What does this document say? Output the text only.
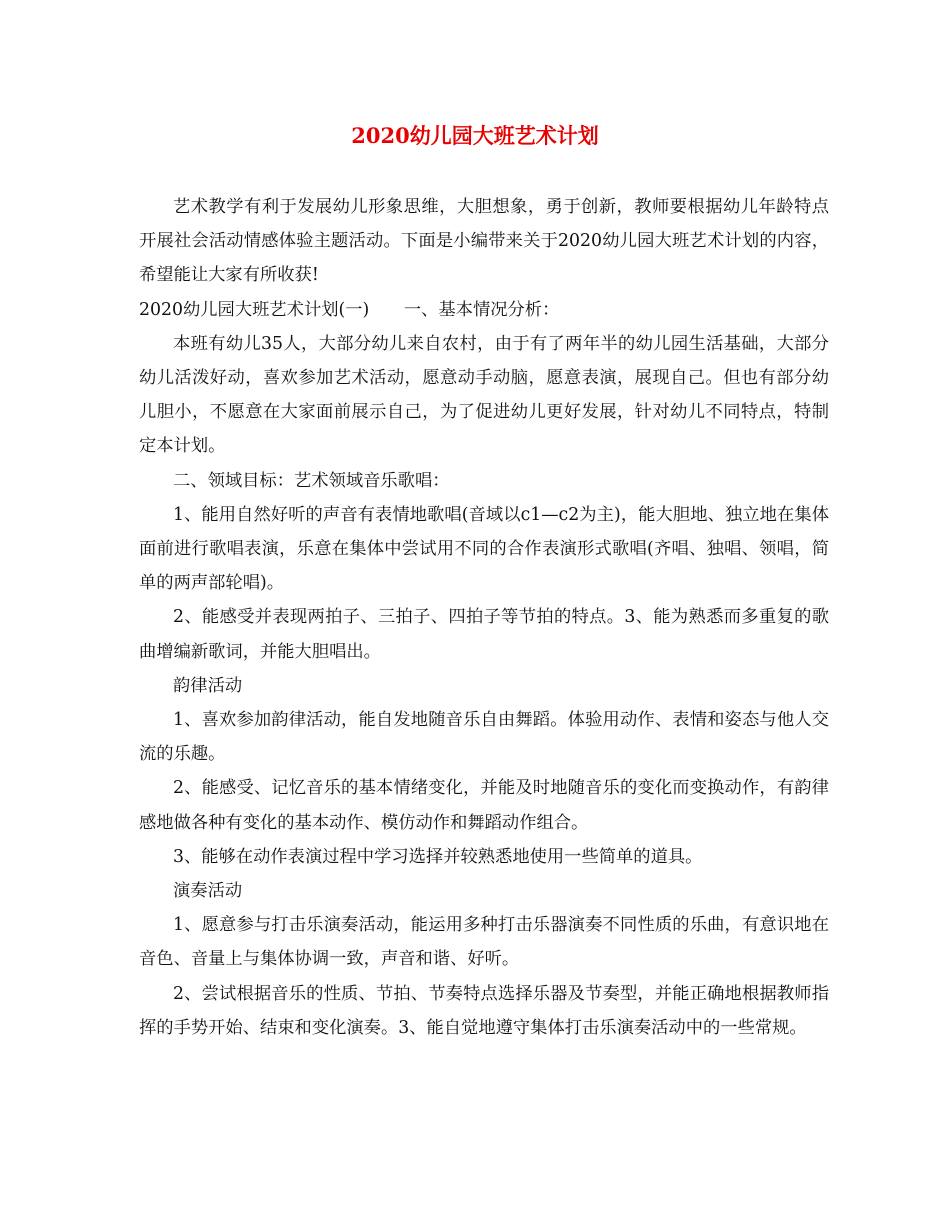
2020幼儿园大班艺术计划

艺术教学有利于发展幼儿形象思维，大胆想象，勇于创新，教师要根据幼儿年龄特点开展社会活动情感体验主题活动。下面是小编带来关于2020幼儿园大班艺术计划的内容，希望能让大家有所收获!

2020幼儿园大班艺术计划(一)　　一、基本情况分析：

本班有幼儿35人，大部分幼儿来自农村，由于有了两年半的幼儿园生活基础，大部分幼儿活泼好动，喜欢参加艺术活动，愿意动手动脑，愿意表演，展现自己。但也有部分幼儿胆小，不愿意在大家面前展示自己，为了促进幼儿更好发展，针对幼儿不同特点，特制定本计划。

二、领域目标：艺术领域音乐歌唱：

1、能用自然好听的声音有表情地歌唱(音域以c1—c2为主)，能大胆地、独立地在集体面前进行歌唱表演，乐意在集体中尝试用不同的合作表演形式歌唱(齐唱、独唱、领唱，简单的两声部轮唱)。

2、能感受并表现两拍子、三拍子、四拍子等节拍的特点。3、能为熟悉而多重复的歌曲增编新歌词，并能大胆唱出。

韵律活动

1、喜欢参加韵律活动，能自发地随音乐自由舞蹈。体验用动作、表情和姿态与他人交流的乐趣。

2、能感受、记忆音乐的基本情绪变化，并能及时地随音乐的变化而变换动作，有韵律感地做各种有变化的基本动作、模仿动作和舞蹈动作组合。

3、能够在动作表演过程中学习选择并较熟悉地使用一些简单的道具。

演奏活动

1、愿意参与打击乐演奏活动，能运用多种打击乐器演奏不同性质的乐曲，有意识地在音色、音量上与集体协调一致，声音和谐、好听。

2、尝试根据音乐的性质、节拍、节奏特点选择乐器及节奏型，并能正确地根据教师指挥的手势开始、结束和变化演奏。3、能自觉地遵守集体打击乐演奏活动中的一些常规。
